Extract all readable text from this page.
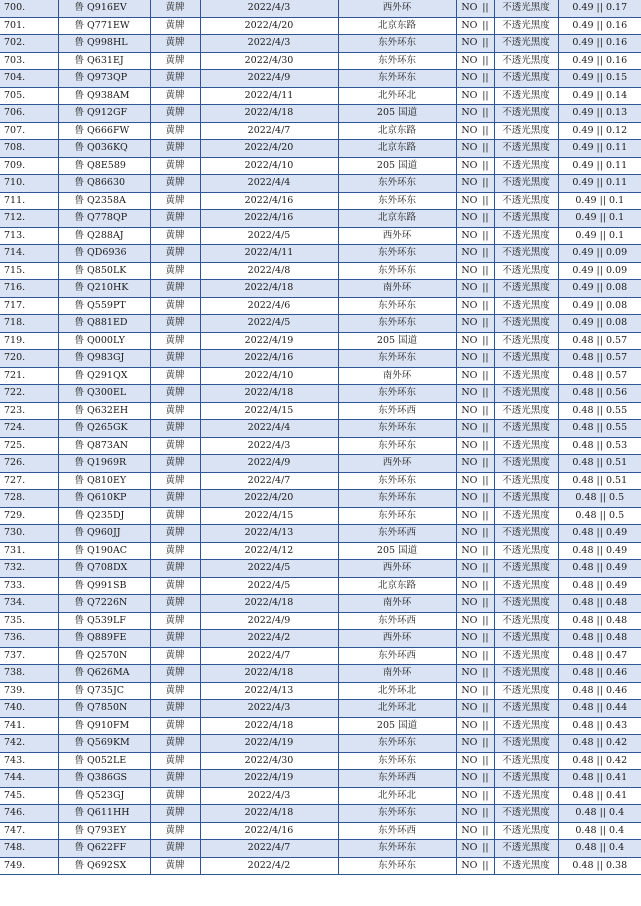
700.	鲁 Q916EV	黄牌	2022/4/3	西外环	NO ||	不透光黑度	0.49 || 0.17
701.	鲁 Q771EW	黄牌	2022/4/20	北京东路	NO ||	不透光黑度	0.49 || 0.16
702.	鲁 Q998HL	黄牌	2022/4/3	东外环东	NO ||	不透光黑度	0.49 || 0.16
703.	鲁 Q631EJ	黄牌	2022/4/30	东外环东	NO ||	不透光黑度	0.49 || 0.16
704.	鲁 Q973QP	黄牌	2022/4/9	东外环东	NO ||	不透光黑度	0.49 || 0.15
705.	鲁 Q938AM	黄牌	2022/4/11	北外环北	NO ||	不透光黑度	0.49 || 0.14
706.	鲁 Q912GF	黄牌	2022/4/18	205 国道	NO ||	不透光黑度	0.49 || 0.13
707.	鲁 Q666FW	黄牌	2022/4/7	北京东路	NO ||	不透光黑度	0.49 || 0.12
708.	鲁 Q036KQ	黄牌	2022/4/20	北京东路	NO ||	不透光黑度	0.49 || 0.11
709.	鲁 Q8E589	黄牌	2022/4/10	205 国道	NO ||	不透光黑度	0.49 || 0.11
710.	鲁 Q86630	黄牌	2022/4/4	东外环东	NO ||	不透光黑度	0.49 || 0.11
711.	鲁 Q2358A	黄牌	2022/4/16	东外环东	NO ||	不透光黑度	0.49 || 0.1
712.	鲁 Q778QP	黄牌	2022/4/16	北京东路	NO ||	不透光黑度	0.49 || 0.1
713.	鲁 Q288AJ	黄牌	2022/4/5	西外环	NO ||	不透光黑度	0.49 || 0.1
714.	鲁 QD6936	黄牌	2022/4/11	东外环东	NO ||	不透光黑度	0.49 || 0.09
715.	鲁 Q850LK	黄牌	2022/4/8	东外环东	NO ||	不透光黑度	0.49 || 0.09
716.	鲁 Q210HK	黄牌	2022/4/18	南外环	NO ||	不透光黑度	0.49 || 0.08
717.	鲁 Q559PT	黄牌	2022/4/6	东外环东	NO ||	不透光黑度	0.49 || 0.08
718.	鲁 Q881ED	黄牌	2022/4/5	东外环东	NO ||	不透光黑度	0.49 || 0.08
719.	鲁 Q000LY	黄牌	2022/4/19	205 国道	NO ||	不透光黑度	0.48 || 0.57
720.	鲁 Q983GJ	黄牌	2022/4/16	东外环东	NO ||	不透光黑度	0.48 || 0.57
721.	鲁 Q291QX	黄牌	2022/4/10	南外环	NO ||	不透光黑度	0.48 || 0.57
722.	鲁 Q300EL	黄牌	2022/4/18	东外环东	NO ||	不透光黑度	0.48 || 0.56
723.	鲁 Q632EH	黄牌	2022/4/15	东外环西	NO ||	不透光黑度	0.48 || 0.55
724.	鲁 Q265GK	黄牌	2022/4/4	东外环东	NO ||	不透光黑度	0.48 || 0.55
725.	鲁 Q873AN	黄牌	2022/4/3	东外环东	NO ||	不透光黑度	0.48 || 0.53
726.	鲁 Q1969R	黄牌	2022/4/9	西外环	NO ||	不透光黑度	0.48 || 0.51
727.	鲁 Q810EY	黄牌	2022/4/7	东外环东	NO ||	不透光黑度	0.48 || 0.51
728.	鲁 Q610KP	黄牌	2022/4/20	东外环东	NO ||	不透光黑度	0.48 || 0.5
729.	鲁 Q235DJ	黄牌	2022/4/15	东外环东	NO ||	不透光黑度	0.48 || 0.5
730.	鲁 Q960JJ	黄牌	2022/4/13	东外环西	NO ||	不透光黑度	0.48 || 0.49
731.	鲁 Q190AC	黄牌	2022/4/12	205 国道	NO ||	不透光黑度	0.48 || 0.49
732.	鲁 Q708DX	黄牌	2022/4/5	西外环	NO ||	不透光黑度	0.48 || 0.49
733.	鲁 Q991SB	黄牌	2022/4/5	北京东路	NO ||	不透光黑度	0.48 || 0.49
734.	鲁 Q7226N	黄牌	2022/4/18	南外环	NO ||	不透光黑度	0.48 || 0.48
735.	鲁 Q539LF	黄牌	2022/4/9	东外环西	NO ||	不透光黑度	0.48 || 0.48
736.	鲁 Q889FE	黄牌	2022/4/2	西外环	NO ||	不透光黑度	0.48 || 0.48
737.	鲁 Q2570N	黄牌	2022/4/7	东外环西	NO ||	不透光黑度	0.48 || 0.47
738.	鲁 Q626MA	黄牌	2022/4/18	南外环	NO ||	不透光黑度	0.48 || 0.46
739.	鲁 Q735JC	黄牌	2022/4/13	北外环北	NO ||	不透光黑度	0.48 || 0.46
740.	鲁 Q7850N	黄牌	2022/4/3	北外环北	NO ||	不透光黑度	0.48 || 0.44
741.	鲁 Q910FM	黄牌	2022/4/18	205 国道	NO ||	不透光黑度	0.48 || 0.43
742.	鲁 Q569KM	黄牌	2022/4/19	东外环东	NO ||	不透光黑度	0.48 || 0.42
743.	鲁 Q052LE	黄牌	2022/4/30	东外环东	NO ||	不透光黑度	0.48 || 0.42
744.	鲁 Q386GS	黄牌	2022/4/19	东外环西	NO ||	不透光黑度	0.48 || 0.41
745.	鲁 Q523GJ	黄牌	2022/4/3	北外环北	NO ||	不透光黑度	0.48 || 0.41
746.	鲁 Q611HH	黄牌	2022/4/18	东外环东	NO ||	不透光黑度	0.48 || 0.4
747.	鲁 Q793EY	黄牌	2022/4/16	东外环西	NO ||	不透光黑度	0.48 || 0.4
748.	鲁 Q622FF	黄牌	2022/4/7	东外环东	NO ||	不透光黑度	0.48 || 0.4
749.	鲁 Q692SX	黄牌	2022/4/2	东外环东	NO ||	不透光黑度	0.48 || 0.38
